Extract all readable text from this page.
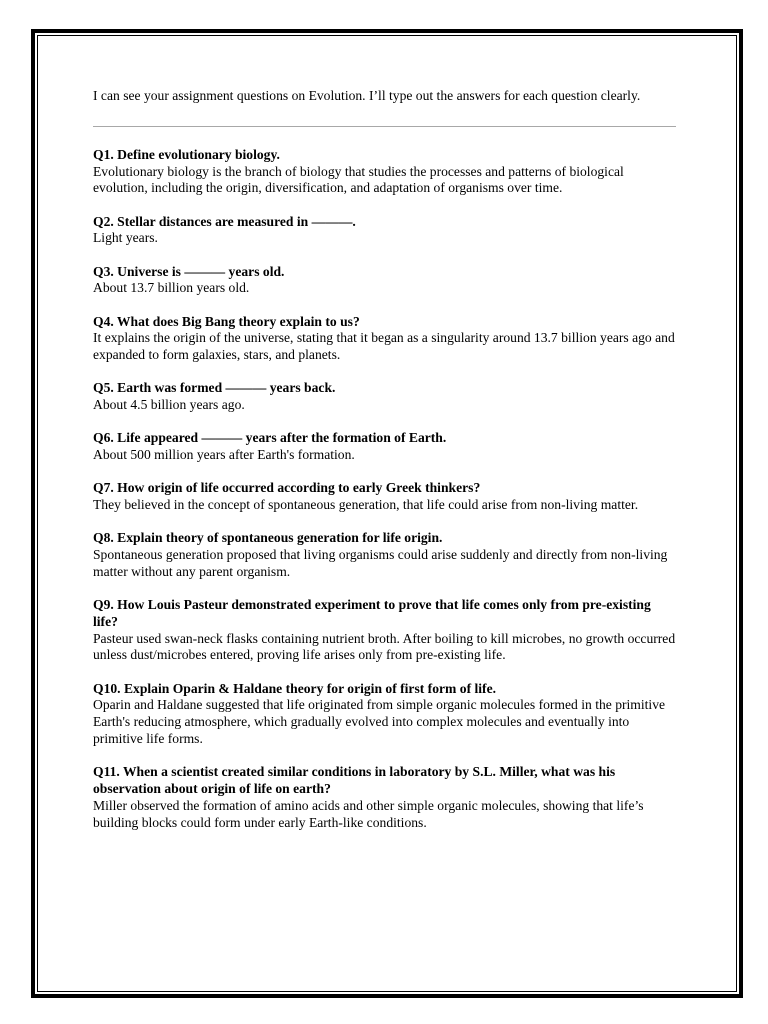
I can see your assignment questions on Evolution. I’ll type out the answers for each question clearly.

Q1. Define evolutionary biology.

Evolutionary biology is the branch of biology that studies the processes and patterns of biological evolution, including the origin, diversification, and adaptation of organisms over time.

Q2. Stellar distances are measured in ———.

Light years.

Q3. Universe is ——— years old.

About 13.7 billion years old.

Q4. What does Big Bang theory explain to us?

It explains the origin of the universe, stating that it began as a singularity around 13.7 billion years ago and expanded to form galaxies, stars, and planets.

Q5. Earth was formed ——— years back.

About 4.5 billion years ago.

Q6. Life appeared ——— years after the formation of Earth.

About 500 million years after Earth's formation.

Q7. How origin of life occurred according to early Greek thinkers?

They believed in the concept of spontaneous generation, that life could arise from non-living matter.

Q8. Explain theory of spontaneous generation for life origin.

Spontaneous generation proposed that living organisms could arise suddenly and directly from non-living matter without any parent organism.

Q9. How Louis Pasteur demonstrated experiment to prove that life comes only from pre-existing life?

Pasteur used swan-neck flasks containing nutrient broth. After boiling to kill microbes, no growth occurred unless dust/microbes entered, proving life arises only from pre-existing life.

Q10. Explain Oparin & Haldane theory for origin of first form of life.

Oparin and Haldane suggested that life originated from simple organic molecules formed in the primitive Earth's reducing atmosphere, which gradually evolved into complex molecules and eventually into primitive life forms.

Q11. When a scientist created similar conditions in laboratory by S.L. Miller, what was his observation about origin of life on earth?

Miller observed the formation of amino acids and other simple organic molecules, showing that life’s building blocks could form under early Earth-like conditions.
